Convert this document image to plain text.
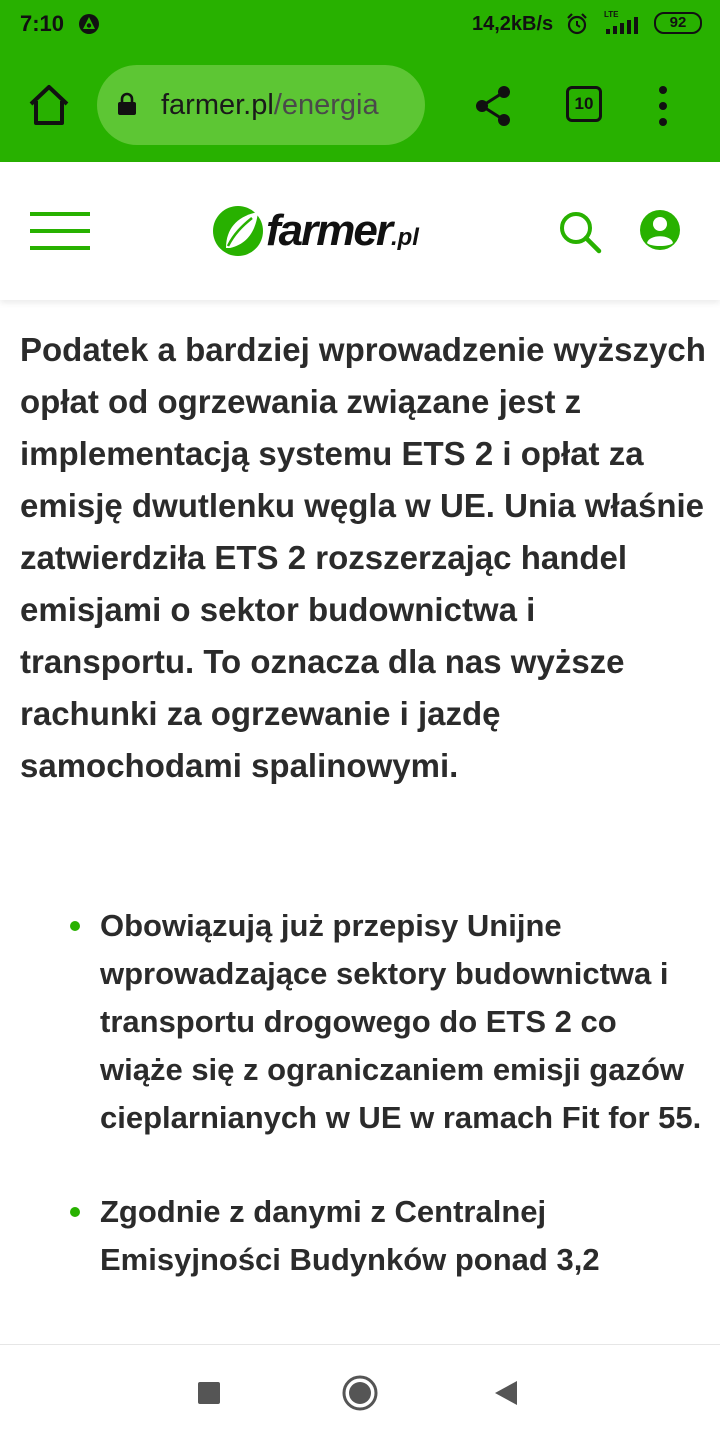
7:10	14,2kB/s	LTE	92
farmer.pl/energia	10
farmer.pl

Podatek a bardziej wprowadzenie wyższych opłat od ogrzewania związane jest z implementacją systemu ETS 2 i opłat za emisję dwutlenku węgla w UE. Unia właśnie zatwierdziła ETS 2 rozszerzając handel emisjami o sektor budownictwa i transportu. To oznacza dla nas wyższe rachunki za ogrzewanie i jazdę samochodami spalinowymi.

Obowiązują już przepisy Unijne wprowadzające sektory budownictwa i transportu drogowego do ETS 2 co wiąże się z ograniczaniem emisji gazów cieplarnianych w UE w ramach Fit for 55.
Zgodnie z danymi z Centralnej Emisyjności Budynków ponad 3,2
